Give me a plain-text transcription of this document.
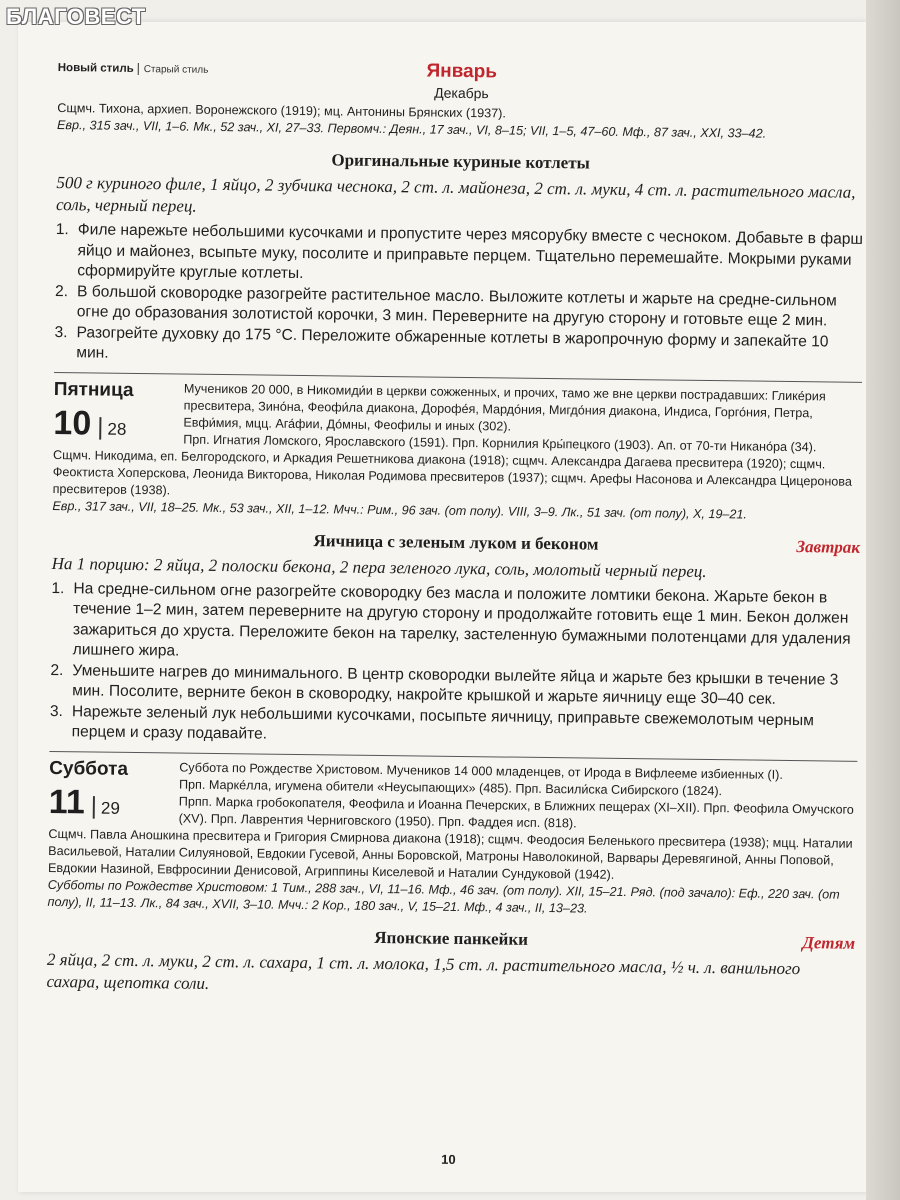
БЛАГОВЕСТ
Новый стиль Старый стиль	Январь
Декабрь
Сщмч. Тихона, архиеп. Воронежского (1919); мц. Антонины Брянских (1937).
Евр., 315 зач., VII, 1–6. Мк., 52 зач., XI, 27–33. Первомч.: Деян., 17 зач., VI, 8–15; VII, 1–5, 47–60. Мф., 87 зач., XXI, 33–42.
Оригинальные куриные котлеты
500 г куриного филе, 1 яйцо, 2 зубчика чеснока, 2 ст. л. майонеза, 2 ст. л. муки, 4 ст. л. растительного масла, соль, черный перец.
1. Филе нарежьте небольшими кусочками и пропустите через мясорубку вместе с чесноком. Добавьте в фарш яйцо и майонез, всыпьте муку, посолите и приправьте перцем. Тщательно перемешайте. Мокрыми руками сформируйте круглые котлеты.
2. В большой сковородке разогрейте растительное масло. Выложите котлеты и жарьте на средне-сильном огне до образования золотистой корочки, 3 мин. Переверните на другую сторону и готовьте еще 2 мин.
3. Разогрейте духовку до 175 °С. Переложите обжаренные котлеты в жаропрочную форму и запекайте 10 мин.
Пятница
10 | 28
Мучеников 20 000, в Никомиди́и в церкви сожженных, и прочих, тамо же вне церкви пострадавших: Глике́рия пресвитера, Зино́на, Феофи́ла диакона, Дорофе́я, Мардо́ния, Мигдо́ния диакона, Индиса, Горго́ния, Петра, Евфи́мия, мцц. Ага́фии, До́мны, Феофилы и иных (302).
Прп. Игнатия Ломского, Ярославского (1591). Прп. Корнилия Кры́пецкого (1903). Ап. от 70-ти Никано́ра (34).
Сщмч. Никодима, еп. Белгородского, и Аркадия Решетникова диакона (1918); сщмч. Александра Дагаева пресвитера (1920); сщмч. Феоктиста Хоперскова, Леонида Викторова, Николая Родимова пресвитеров (1937); сщмч. Арефы Насонова и Александра Цицеронова пресвитеров (1938).
Евр., 317 зач., VII, 18–25. Мк., 53 зач., XII, 1–12. Мчч.: Рим., 96 зач. (от полу). VIII, 3–9. Лк., 51 зач. (от полу), X, 19–21.
Яичница с зеленым луком и беконом	Завтрак
На 1 порцию: 2 яйца, 2 полоски бекона, 2 пера зеленого лука, соль, молотый черный перец.
1. На средне-сильном огне разогрейте сковородку без масла и положите ломтики бекона. Жарьте бекон в течение 1–2 мин, затем переверните на другую сторону и продолжайте готовить еще 1 мин. Бекон должен зажариться до хруста. Переложите бекон на тарелку, застеленную бумажными полотенцами для удаления лишнего жира.
2. Уменьшите нагрев до минимального. В центр сковородки вылейте яйца и жарьте без крышки в течение 3 мин. Посолите, верните бекон в сковородку, накройте крышкой и жарьте яичницу еще 30–40 сек.
3. Нарежьте зеленый лук небольшими кусочками, посыпьте яичницу, приправьте свежемолотым черным перцем и сразу подавайте.
Суббота
11 | 29
Суббота по Рождестве Христовом. Мучеников 14 000 младенцев, от Ирода в Вифлееме избиенных (I).
Прп. Марке́лла, игумена обители «Неусыпающих» (485). Прп. Васили́ска Сибирского (1824).
Прпп. Марка гробокопателя, Феофила и Иоанна Печерских, в Ближних пещерах (XI–XII). Прп. Феофила Омучского (XV). Прп. Лаврентия Черниговского (1950). Прп. Фаддея исп. (818).
Сщмч. Павла Аношкина пресвитера и Григория Смирнова диакона (1918); сщмч. Феодосия Беленького пресвитера (1938); мцц. Наталии Васильевой, Наталии Силуяновой, Евдокии Гусевой, Анны Боровской, Матроны Наволокиной, Варвары Деревягиной, Анны Поповой, Евдокии Назиной, Евфросинии Денисовой, Агриппины Киселевой и Наталии Сундуковой (1942).
Субботы по Рождестве Христовом: 1 Тим., 288 зач., VI, 11–16. Мф., 46 зач. (от полу). XII, 15–21. Ряд. (под зачало): Еф., 220 зач. (от полу), II, 11–13. Лк., 84 зач., XVII, 3–10. Мчч.: 2 Кор., 180 зач., V, 15–21. Мф., 4 зач., II, 13–23.
Японские панкейки	Детям
2 яйца, 2 ст. л. муки, 2 ст. л. сахара, 1 ст. л. молока, 1,5 ст. л. растительного масла, ½ ч. л. ванильного сахара, щепотка соли.
10
